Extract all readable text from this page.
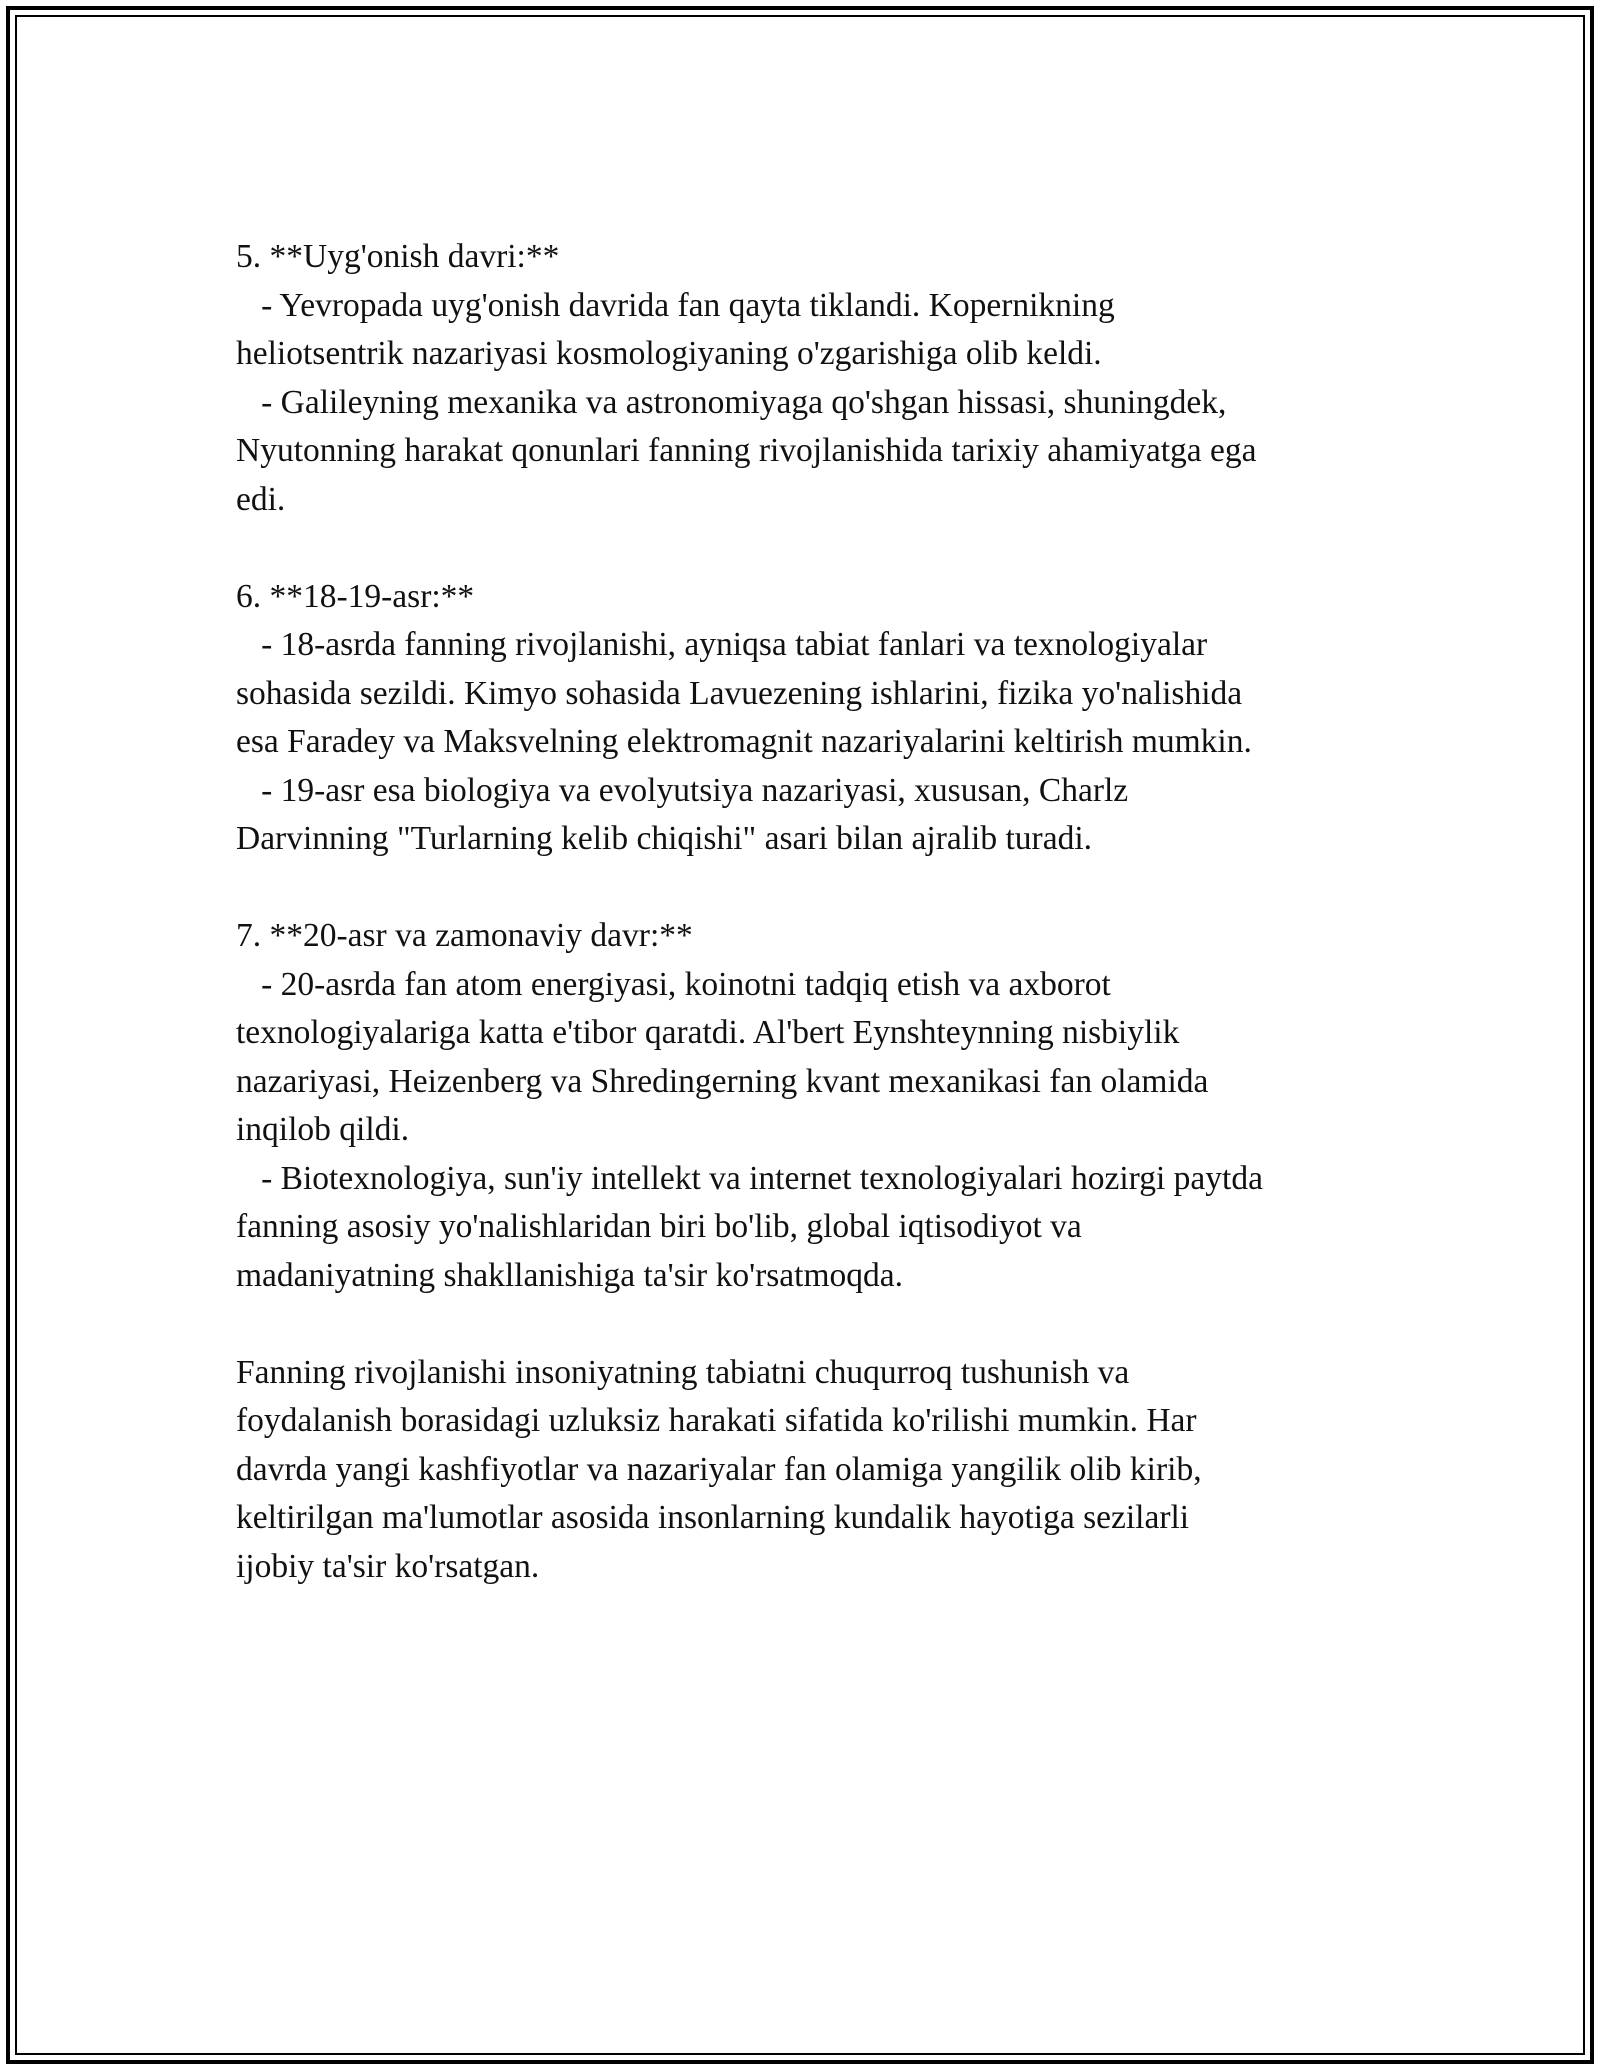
5. **Uyg'onish davri:**
- Yevropada uyg'onish davrida fan qayta tiklandi. Kopernikning
heliotsentrik nazariyasi kosmologiyaning o'zgarishiga olib keldi.
- Galileyning mexanika va astronomiyaga qo'shgan hissasi, shuningdek,
Nyutonning harakat qonunlari fanning rivojlanishida tarixiy ahamiyatga ega
edi.
6. **18-19-asr:**
- 18-asrda fanning rivojlanishi, ayniqsa tabiat fanlari va texnologiyalar
sohasida sezildi. Kimyo sohasida Lavuezening ishlarini, fizika yo'nalishida
esa Faradey va Maksvelning elektromagnit nazariyalarini keltirish mumkin.
- 19-asr esa biologiya va evolyutsiya nazariyasi, xususan, Charlz
Darvinning "Turlarning kelib chiqishi" asari bilan ajralib turadi.
7. **20-asr va zamonaviy davr:**
- 20-asrda fan atom energiyasi, koinotni tadqiq etish va axborot
texnologiyalariga katta e'tibor qaratdi. Al'bert Eynshteynning nisbiylik
nazariyasi, Heizenberg va Shredingerning kvant mexanikasi fan olamida
inqilob qildi.
- Biotexnologiya, sun'iy intellekt va internet texnologiyalari hozirgi paytda
fanning asosiy yo'nalishlaridan biri bo'lib, global iqtisodiyot va
madaniyatning shakllanishiga ta'sir ko'rsatmoqda.
Fanning rivojlanishi insoniyatning tabiatni chuqurroq tushunish va
foydalanish borasidagi uzluksiz harakati sifatida ko'rilishi mumkin. Har
davrda yangi kashfiyotlar va nazariyalar fan olamiga yangilik olib kirib,
keltirilgan ma'lumotlar asosida insonlarning kundalik hayotiga sezilarli
ijobiy ta'sir ko'rsatgan.
